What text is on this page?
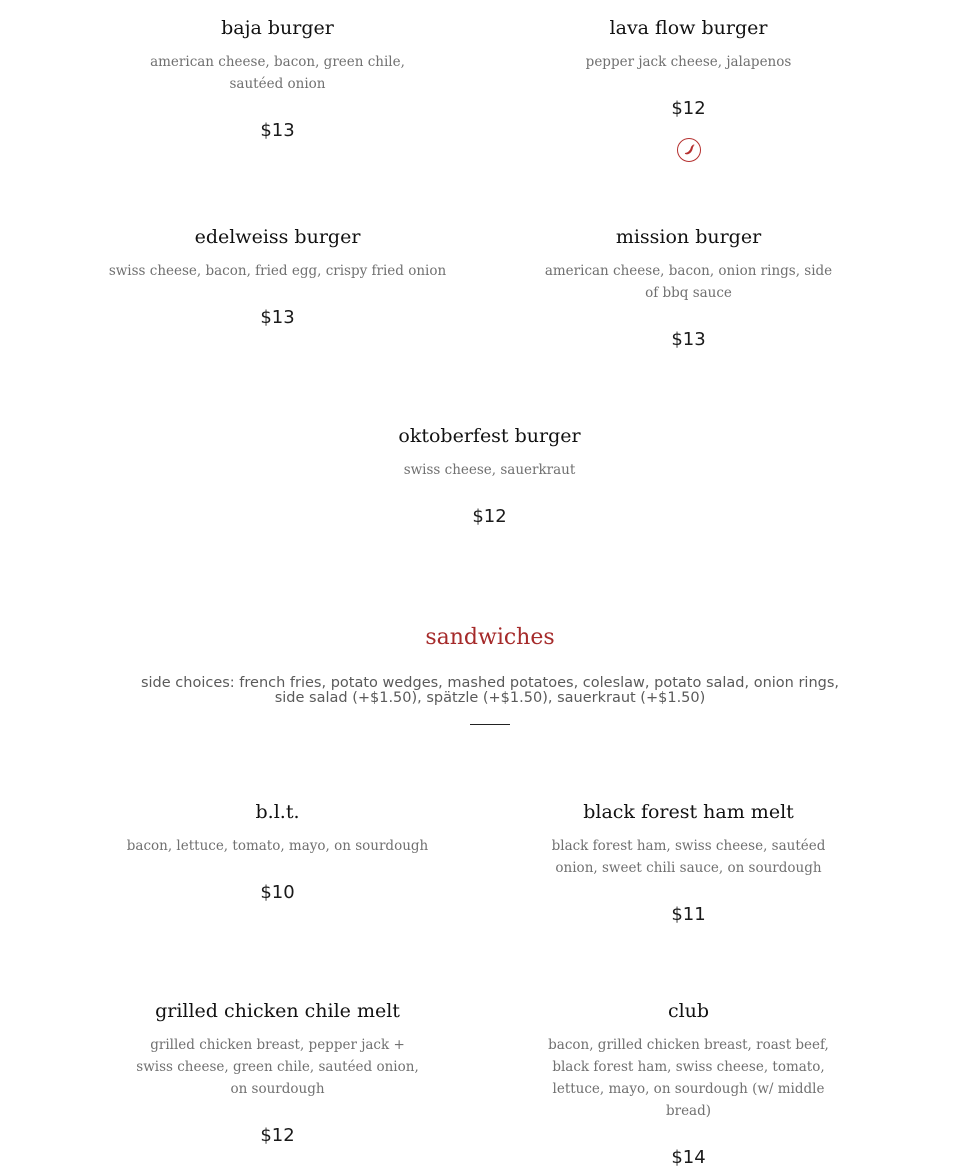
baja burger
american cheese, bacon, green chile, sautéed onion
$13
lava flow burger
pepper jack cheese, jalapenos
$12
edelweiss burger
swiss cheese, bacon, fried egg, crispy fried onion
$13
mission burger
american cheese, bacon, onion rings, side of bbq sauce
$13
oktoberfest burger
swiss cheese, sauerkraut
$12
sandwiches
side choices: french fries, potato wedges, mashed potatoes, coleslaw, potato salad, onion rings, side salad (+$1.50), spätzle (+$1.50), sauerkraut (+$1.50)
b.l.t.
bacon, lettuce, tomato, mayo, on sourdough
$10
black forest ham melt
black forest ham, swiss cheese, sautéed onion, sweet chili sauce, on sourdough
$11
grilled chicken chile melt
grilled chicken breast, pepper jack + swiss cheese, green chile, sautéed onion, on sourdough
$12
club
bacon, grilled chicken breast, roast beef, black forest ham, swiss cheese, tomato, lettuce, mayo, on sourdough (w/ middle bread)
$14
